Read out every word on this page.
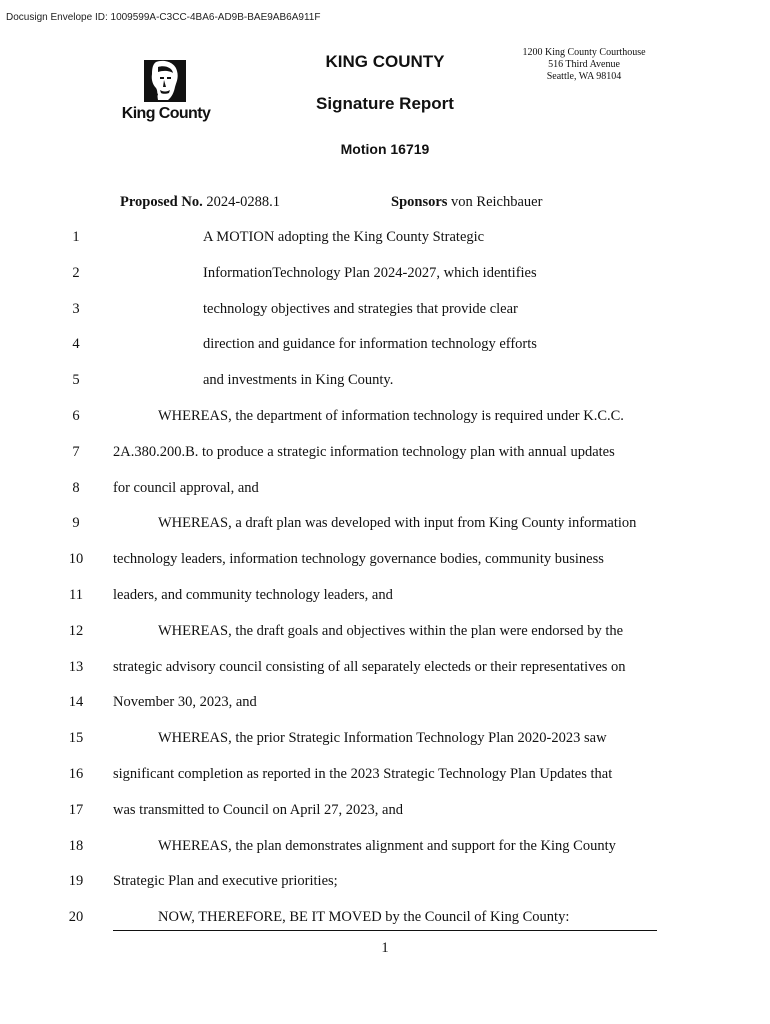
Docusign Envelope ID: 1009599A-C3CC-4BA6-AD9B-BAE9AB6A911F
King County
KING COUNTY
Signature Report
Motion 16719
1200 King County Courthouse
516 Third Avenue
Seattle, WA 98104
Proposed No. 2024-0288.1	Sponsors von Reichbauer
1	A MOTION adopting the King County Strategic
2	InformationTechnology Plan 2024-2027, which identifies
3	technology objectives and strategies that provide clear
4	direction and guidance for information technology efforts
5	and investments in King County.
6	WHEREAS, the department of information technology is required under K.C.C.
7	2A.380.200.B. to produce a strategic information technology plan with annual updates
8	for council approval, and
9	WHEREAS, a draft plan was developed with input from King County information
10	technology leaders, information technology governance bodies, community business
11	leaders, and community technology leaders, and
12	WHEREAS, the draft goals and objectives within the plan were endorsed by the
13	strategic advisory council consisting of all separately electeds or their representatives on
14	November 30, 2023, and
15	WHEREAS, the prior Strategic Information Technology Plan 2020-2023 saw
16	significant completion as reported in the 2023 Strategic Technology Plan Updates that
17	was transmitted to Council on April 27, 2023, and
18	WHEREAS, the plan demonstrates alignment and support for the King County
19	Strategic Plan and executive priorities;
20	NOW, THEREFORE, BE IT MOVED by the Council of King County:
1
